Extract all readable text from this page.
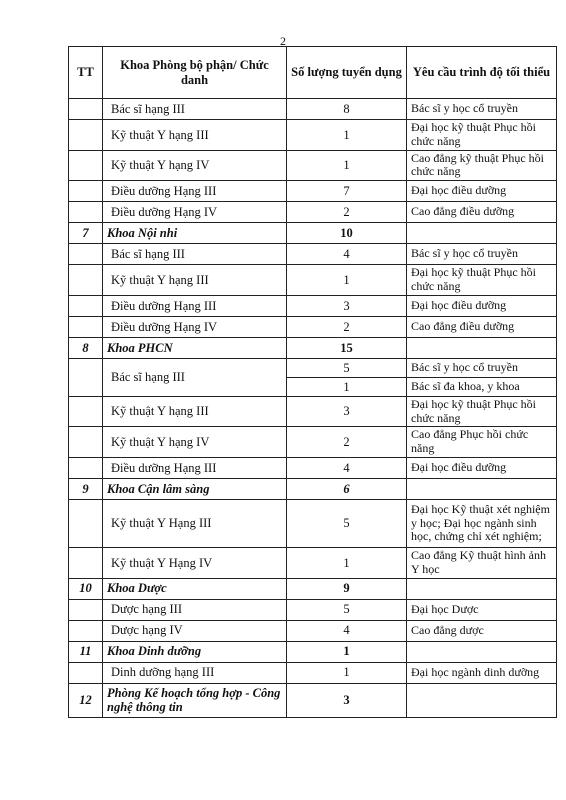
2
TT	Khoa Phòng bộ phận/ Chức danh	Số lượng tuyển dụng	Yêu cầu trình độ tối thiểu
	Bác sĩ hạng III	8	Bác sĩ y học cổ truyền
	Kỹ thuật Y hạng III	1	Đại học kỹ thuật Phục hồi chức năng
	Kỹ thuật Y hạng IV	1	Cao đẳng kỹ thuật Phục hồi chức năng
	Điều dưỡng Hạng III	7	Đại học điều dưỡng
	Điều dưỡng Hạng IV	2	Cao đẳng điều dưỡng
7	Khoa Nội nhi	10	
	Bác sĩ hạng III	4	Bác sĩ y học cổ truyền
	Kỹ thuật Y hạng III	1	Đại học kỹ thuật Phục hồi chức năng
	Điều dưỡng Hạng III	3	Đại học điều dưỡng
	Điều dưỡng Hạng IV	2	Cao đẳng điều dưỡng
8	Khoa PHCN	15	
	Bác sĩ hạng III	5	Bác sĩ y học cổ truyền
		1	Bác sĩ đa khoa, y khoa
	Kỹ thuật Y hạng III	3	Đại học kỹ thuật Phục hồi chức năng
	Kỹ thuật Y hạng IV	2	Cao đẳng Phục hồi chức năng
	Điều dưỡng Hạng III	4	Đại học điều dưỡng
9	Khoa Cận lâm sàng	6	
	Kỹ thuật Y Hạng III	5	Đại học Kỹ thuật xét nghiệm y học; Đại học ngành sinh học, chứng chỉ xét nghiệm;
	Kỹ thuật Y Hạng IV	1	Cao đẳng Kỹ thuật hình ảnh Y học
10	Khoa Dược	9	
	Dược hạng III	5	Đại học Dược
	Dược hạng IV	4	Cao đẳng dược
11	Khoa Dinh dưỡng	1	
	Dinh dưỡng hạng III	1	Đại học ngành dinh dưỡng
12	Phòng Kế hoạch tổng hợp - Công nghệ thông tin	3	
